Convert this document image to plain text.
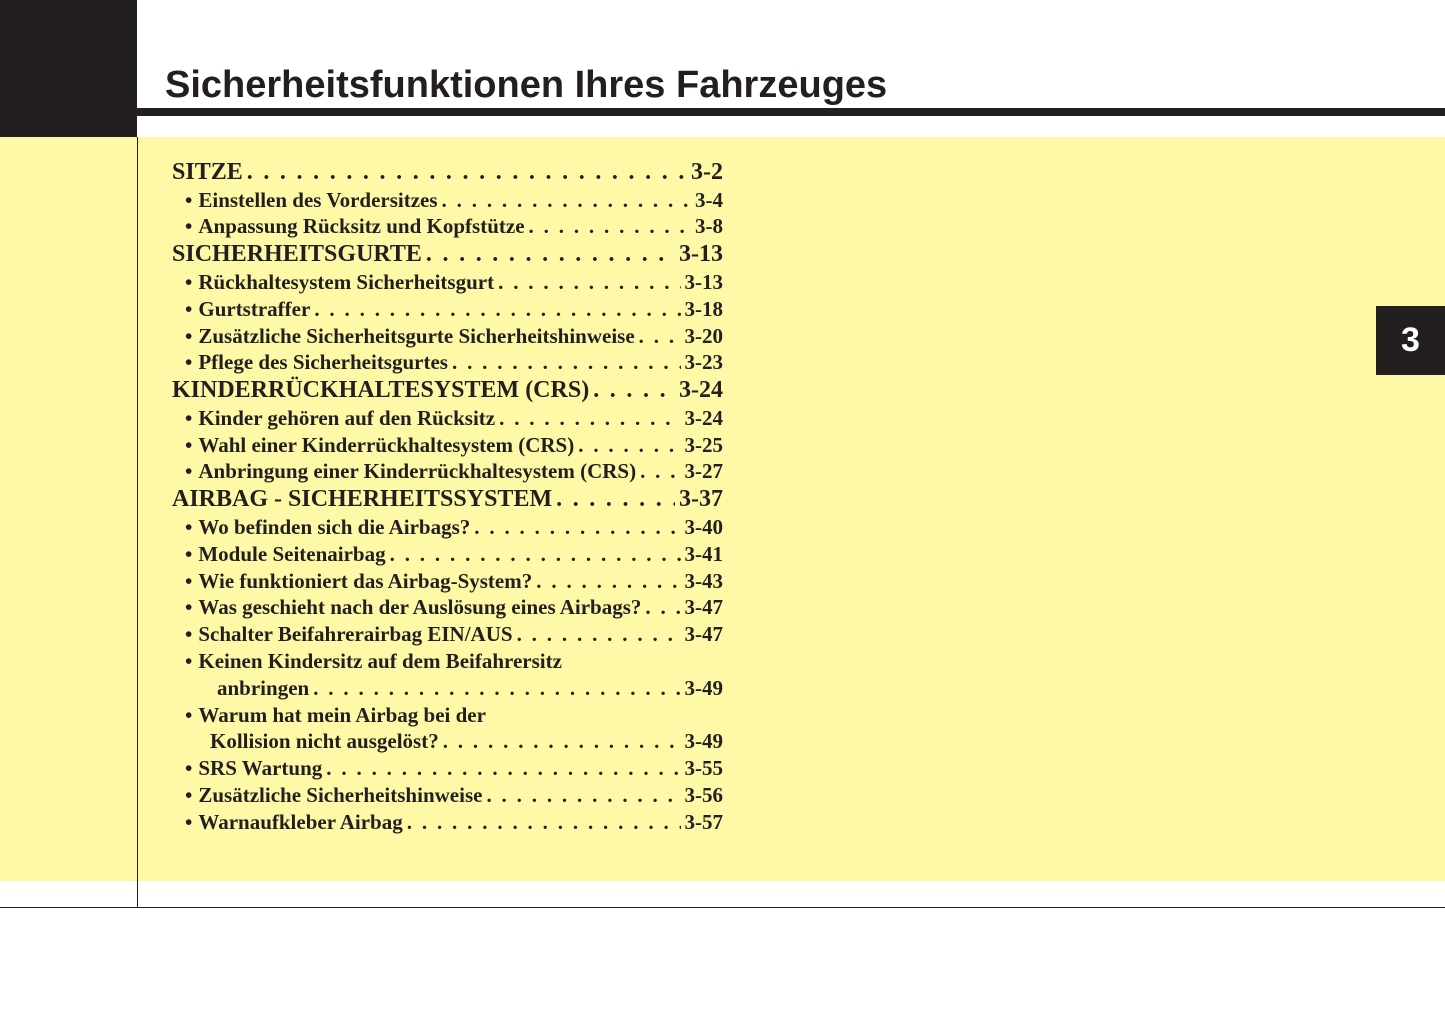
Sicherheitsfunktionen Ihres Fahrzeuges
3
SITZE . . .	3-2
• Einstellen des Vordersitzes . . .	3-4
• Anpassung Rücksitz und Kopfstütze . . .	3-8
SICHERHEITSGURTE . . .	3-13
• Rückhaltesystem Sicherheitsgurt . . .	3-13
• Gurtstraffer . . .	3-18
• Zusätzliche Sicherheitsgurte Sicherheitshinweise . . . 3-20
• Pflege des Sicherheitsgurtes . . .	3-23
KINDERRÜCKHALTESYSTEM (CRS) . . .	3-24
• Kinder gehören auf den Rücksitz . . .	3-24
• Wahl einer Kinderrückhaltesystem (CRS) . . .	3-25
• Anbringung einer Kinderrückhaltesystem (CRS) . . . 3-27
AIRBAG - SICHERHEITSSYSTEM . . .	3-37
• Wo befinden sich die Airbags? . . .	3-40
• Module Seitenairbag . . .	3-41
• Wie funktioniert das Airbag-System? . . .	3-43
• Was geschieht nach der Auslösung eines Airbags? . . . 3-47
• Schalter Beifahrerairbag EIN/AUS . . .	3-47
• Keinen Kindersitz auf dem Beifahrersitz
anbringen . . .	3-49
• Warum hat mein Airbag bei der
Kollision nicht ausgelöst? . . .	3-49
• SRS Wartung . . .	3-55
• Zusätzliche Sicherheitshinweise . . .	3-56
• Warnaufkleber Airbag . . .	3-57
